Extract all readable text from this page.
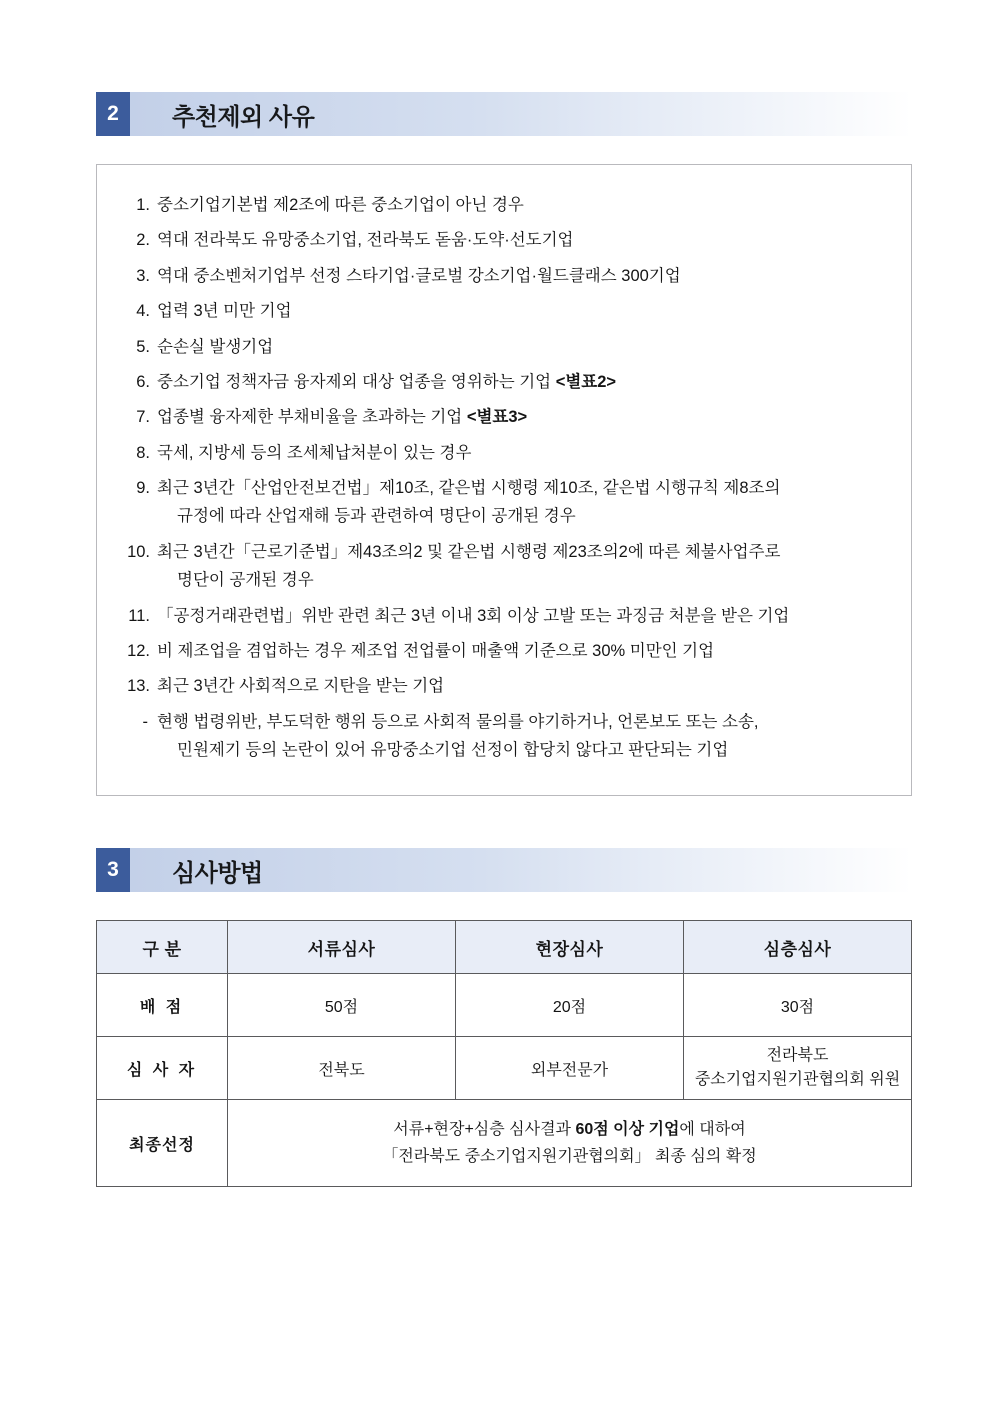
2	추천제외 사유
1. 중소기업기본법 제2조에 따른 중소기업이 아닌 경우
2. 역대 전라북도 유망중소기업, 전라북도 돋움·도약·선도기업
3. 역대 중소벤처기업부 선정 스타기업·글로벌 강소기업·월드클래스 300기업
4. 업력 3년 미만 기업
5. 순손실 발생기업
6. 중소기업 정책자금 융자제외 대상 업종을 영위하는 기업 <별표2>
7. 업종별 융자제한 부채비율을 초과하는 기업 <별표3>
8. 국세, 지방세 등의 조세체납처분이 있는 경우
9. 최근 3년간「산업안전보건법」제10조, 같은법 시행령 제10조, 같은법 시행규칙 제8조의
규정에 따라 산업재해 등과 관련하여 명단이 공개된 경우
10. 최근 3년간「근로기준법」제43조의2 및 같은법 시행령 제23조의2에 따른 체불사업주로
명단이 공개된 경우
11. 「공정거래관련법」위반 관련 최근 3년 이내 3회 이상 고발 또는 과징금 처분을 받은 기업
12. 비 제조업을 겸업하는 경우 제조업 전업률이 매출액 기준으로 30% 미만인 기업
13. 최근 3년간 사회적으로 지탄을 받는 기업
- 현행 법령위반, 부도덕한 행위 등으로 사회적 물의를 야기하거나, 언론보도 또는 소송,
민원제기 등의 논란이 있어 유망중소기업 선정이 합당치 않다고 판단되는 기업
3	심사방법
구 분	서류심사	현장심사	심층심사
배 점	50점	20점	30점
심 사 자	전북도	외부전문가	전라북도
중소기업지원기관협의회 위원
최종선정	서류+현장+심층 심사결과 60점 이상 기업에 대하여
「전라북도 중소기업지원기관협의회」 최종 심의 확정		
